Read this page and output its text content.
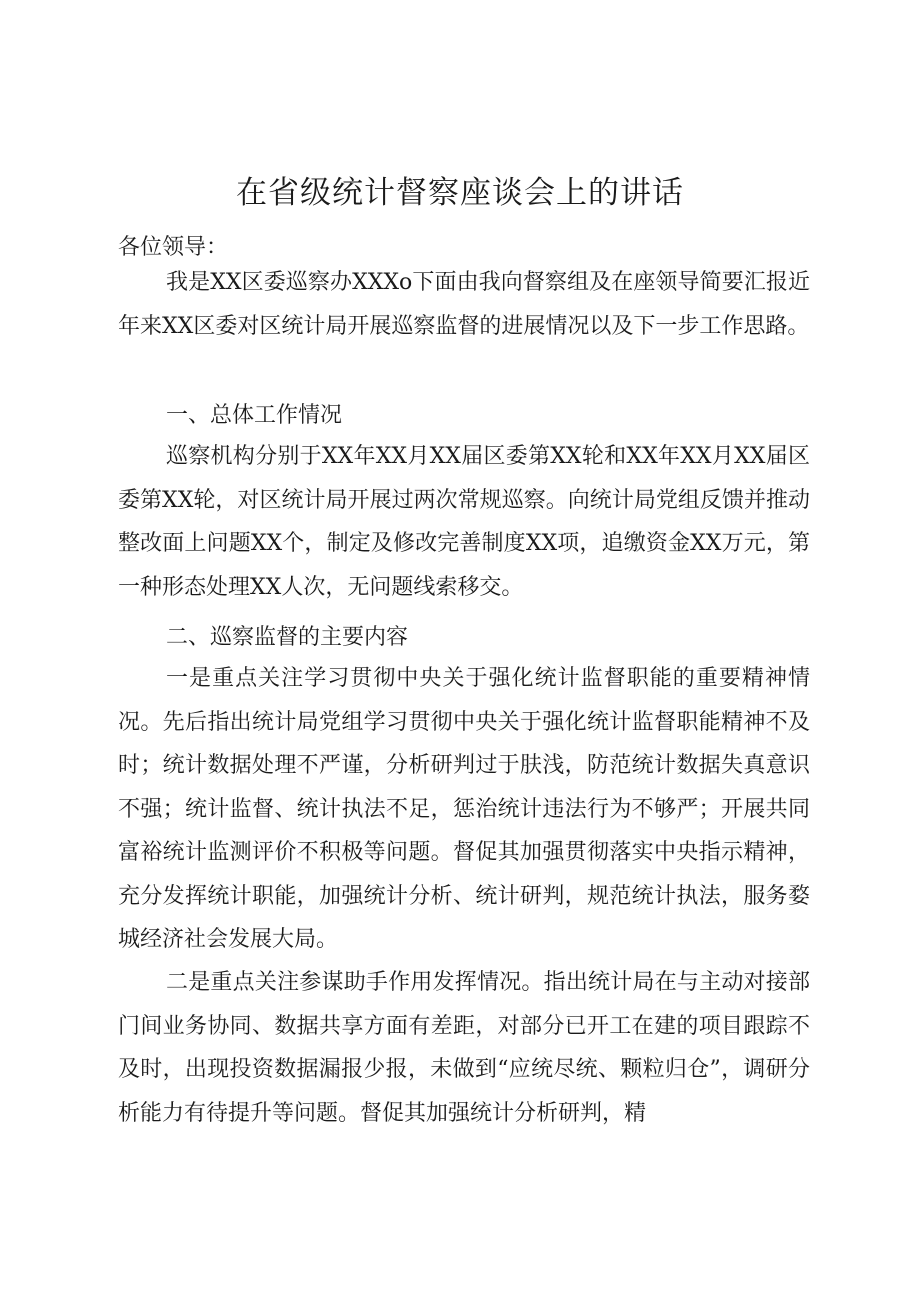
在省级统计督察座谈会上的讲话

各位领导：

我是XX区委巡察办XXXo下面由我向督察组及在座领导简要汇报近年来XX区委对区统计局开展巡察监督的进展情况以及下一步工作思路。

一、总体工作情况

巡察机构分别于XX年XX月XX届区委第XX轮和XX年XX月XX届区委第XX轮，对区统计局开展过两次常规巡察。向统计局党组反馈并推动整改面上问题XX个，制定及修改完善制度XX项，追缴资金XX万元，第一种形态处理XX人次，无问题线索移交。

二、巡察监督的主要内容

一是重点关注学习贯彻中央关于强化统计监督职能的重要精神情况。先后指出统计局党组学习贯彻中央关于强化统计监督职能精神不及时；统计数据处理不严谨，分析研判过于肤浅，防范统计数据失真意识不强；统计监督、统计执法不足，惩治统计违法行为不够严；开展共同富裕统计监测评价不积极等问题。督促其加强贯彻落实中央指示精神，充分发挥统计职能，加强统计分析、统计研判，规范统计执法，服务婺城经济社会发展大局。

二是重点关注参谋助手作用发挥情况。指出统计局在与主动对接部门间业务协同、数据共享方面有差距，对部分已开工在建的项目跟踪不及时，出现投资数据漏报少报，未做到“应统尽统、颗粒归仓”，调研分析能力有待提升等问题。督促其加强统计分析研判，精
